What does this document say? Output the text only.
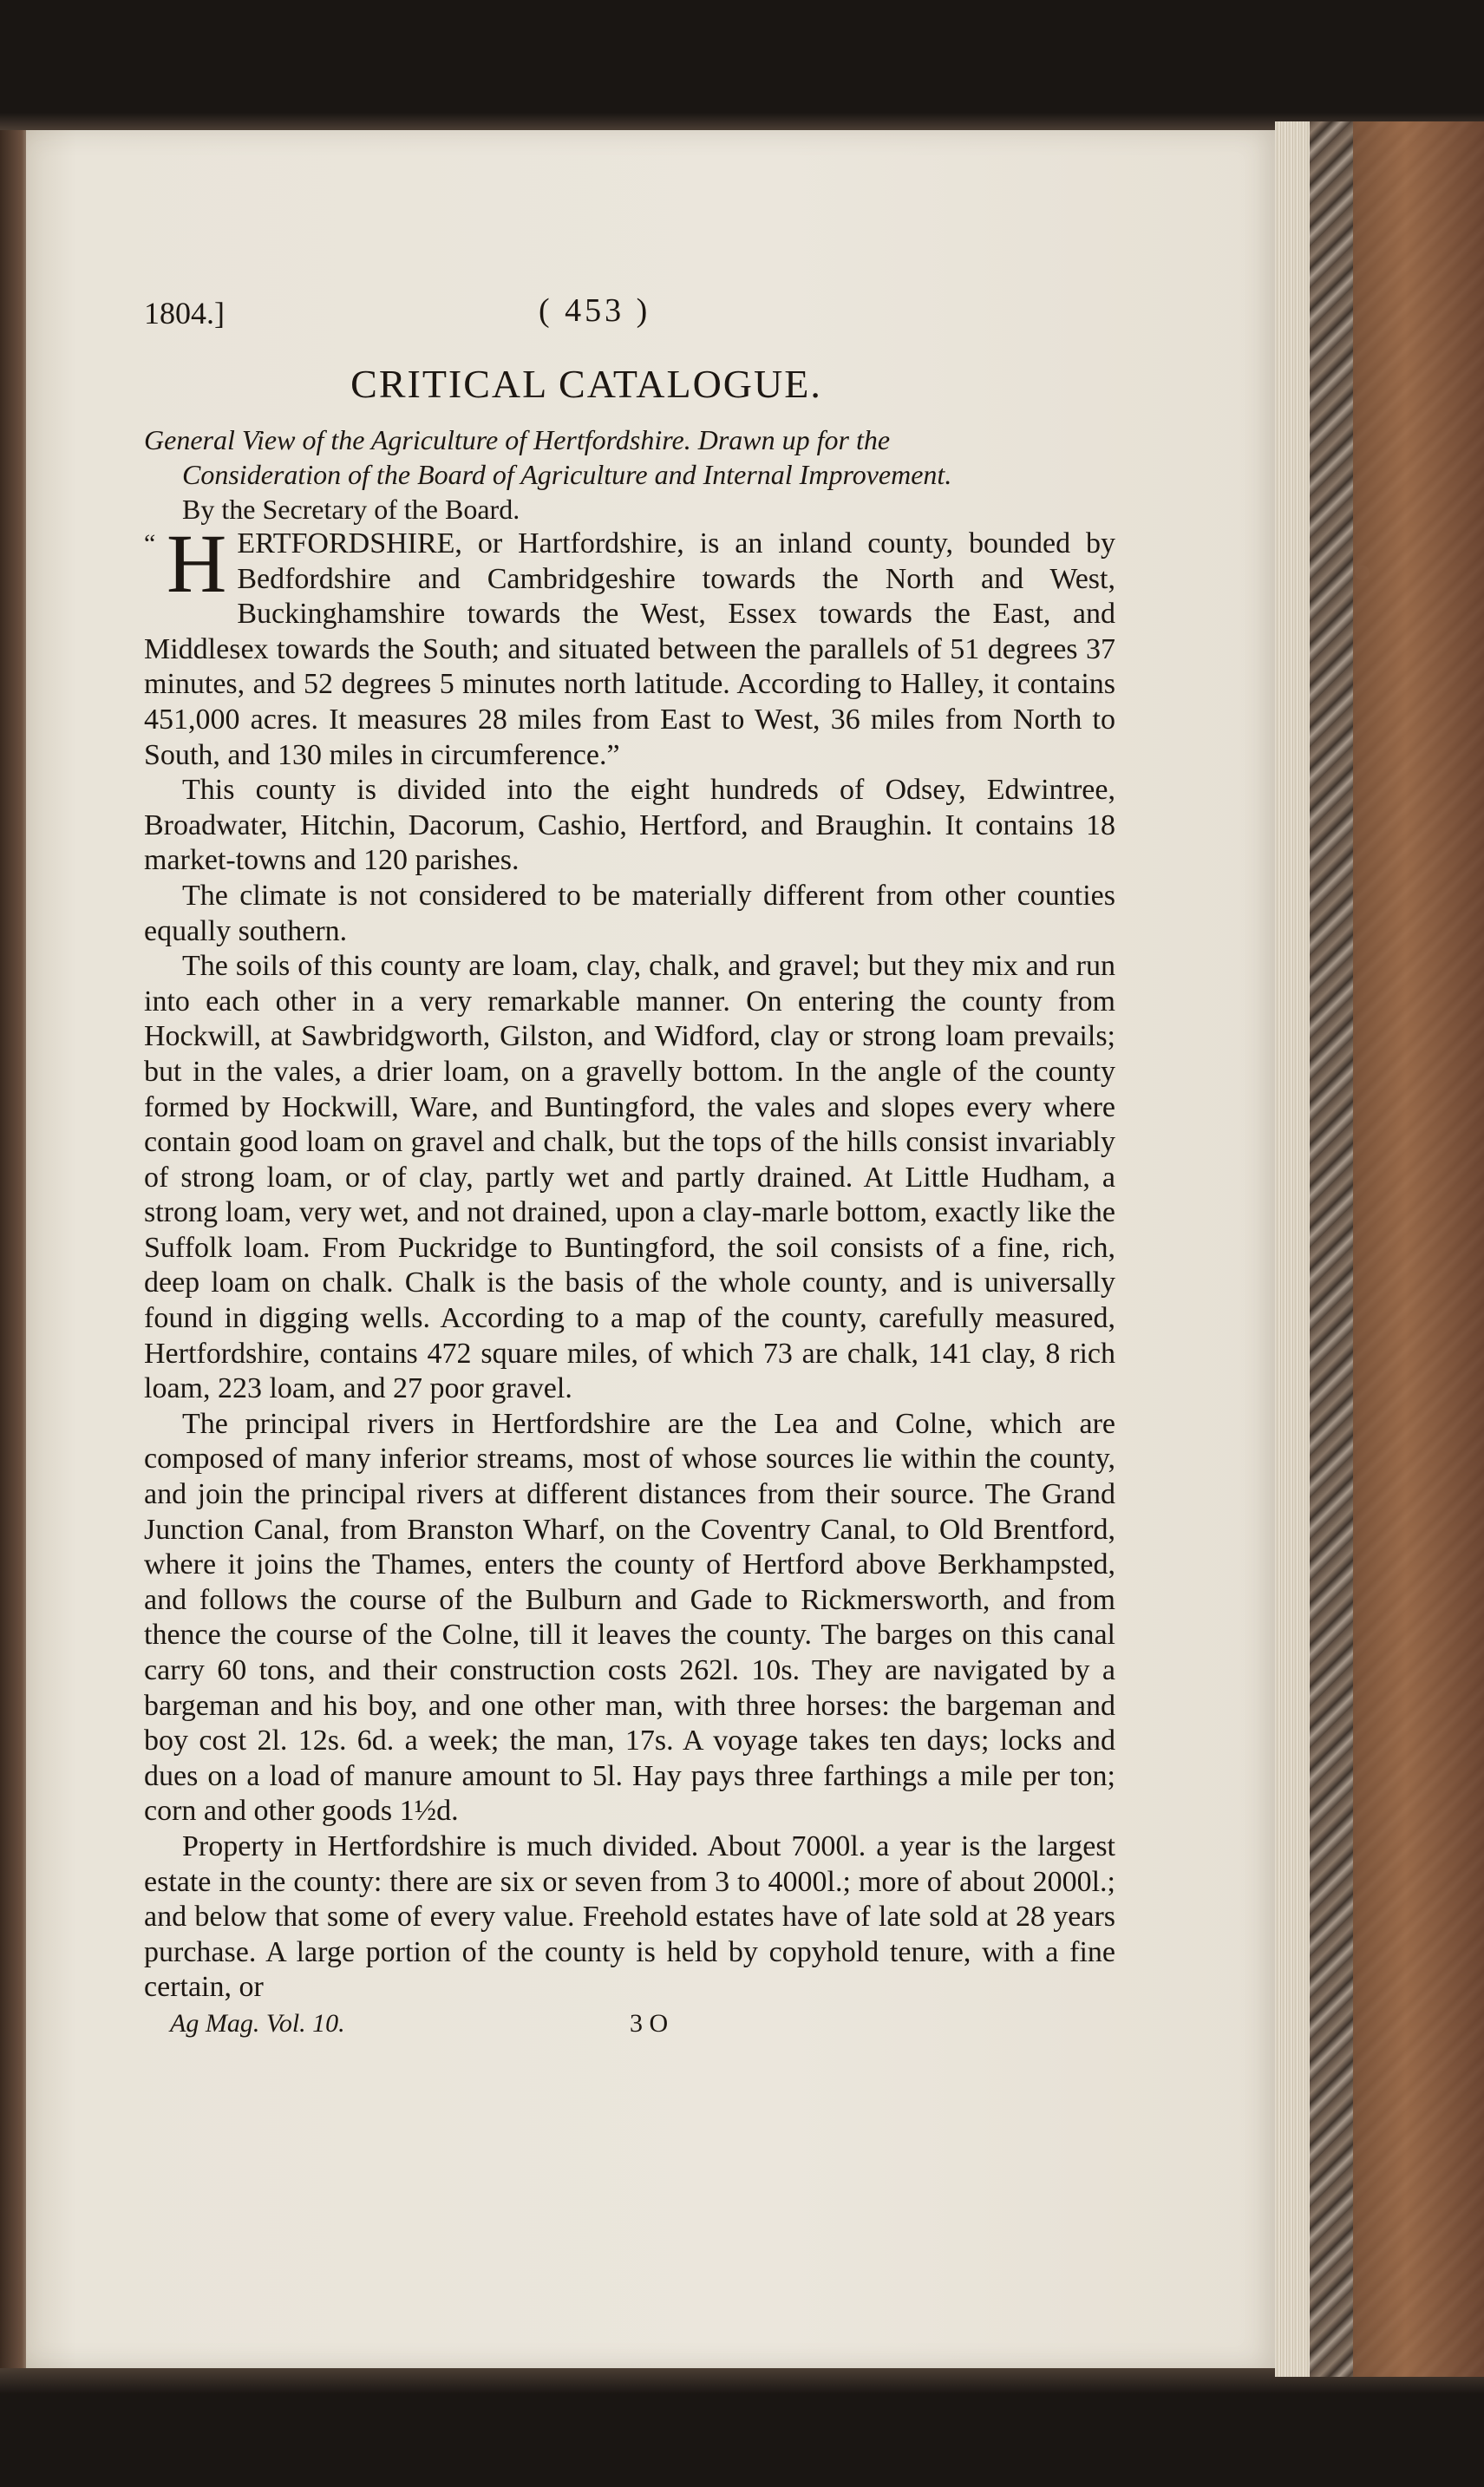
1804.]	( 453 )
CRITICAL CATALOGUE.
General View of the Agriculture of Hertfordshire. Drawn up for the
Consideration of the Board of Agriculture and Internal Improvement.
By the Secretary of the Board.

“ H ERTFORDSHIRE, or Hartfordshire, is an inland county, bounded by Bedfordshire and Cambridgeshire towards the North and West, Buckinghamshire towards the West, Essex towards the East, and Middlesex towards the South; and situated between the parallels of 51 degrees 37 minutes, and 52 degrees 5 minutes north latitude. According to Halley, it contains 451,000 acres. It measures 28 miles from East to West, 36 miles from North to South, and 130 miles in circumference.”

This county is divided into the eight hundreds of Odsey, Edwintree, Broadwater, Hitchin, Dacorum, Cashio, Hertford, and Braughin. It contains 18 market-towns and 120 parishes.

The climate is not considered to be materially different from other counties equally southern.

The soils of this county are loam, clay, chalk, and gravel; but they mix and run into each other in a very remarkable manner. On entering the county from Hockwill, at Sawbridgworth, Gilston, and Widford, clay or strong loam prevails; but in the vales, a drier loam, on a gravelly bottom. In the angle of the county formed by Hockwill, Ware, and Buntingford, the vales and slopes every where contain good loam on gravel and chalk, but the tops of the hills consist invariably of strong loam, or of clay, partly wet and partly drained. At Little Hudham, a strong loam, very wet, and not drained, upon a clay-marle bottom, exactly like the Suffolk loam. From Puckridge to Buntingford, the soil consists of a fine, rich, deep loam on chalk. Chalk is the basis of the whole county, and is universally found in digging wells. According to a map of the county, carefully measured, Hertfordshire, contains 472 square miles, of which 73 are chalk, 141 clay, 8 rich loam, 223 loam, and 27 poor gravel.

The principal rivers in Hertfordshire are the Lea and Colne, which are composed of many inferior streams, most of whose sources lie within the county, and join the principal rivers at different distances from their source. The Grand Junction Canal, from Branston Wharf, on the Coventry Canal, to Old Brentford, where it joins the Thames, enters the county of Hertford above Berkhampsted, and follows the course of the Bulburn and Gade to Rickmersworth, and from thence the course of the Colne, till it leaves the county. The barges on this canal carry 60 tons, and their construction costs 262l. 10s. They are navigated by a bargeman and his boy, and one other man, with three horses: the bargeman and boy cost 2l. 12s. 6d. a week; the man, 17s. A voyage takes ten days; locks and dues on a load of manure amount to 5l. Hay pays three farthings a mile per ton; corn and other goods 1½d.

Property in Hertfordshire is much divided. About 7000l. a year is the largest estate in the county: there are six or seven from 3 to 4000l.; more of about 2000l.; and below that some of every value. Freehold estates have of late sold at 28 years purchase. A large portion of the county is held by copyhold tenure, with a fine certain, or

Ag Mag. Vol. 10.	3 O
